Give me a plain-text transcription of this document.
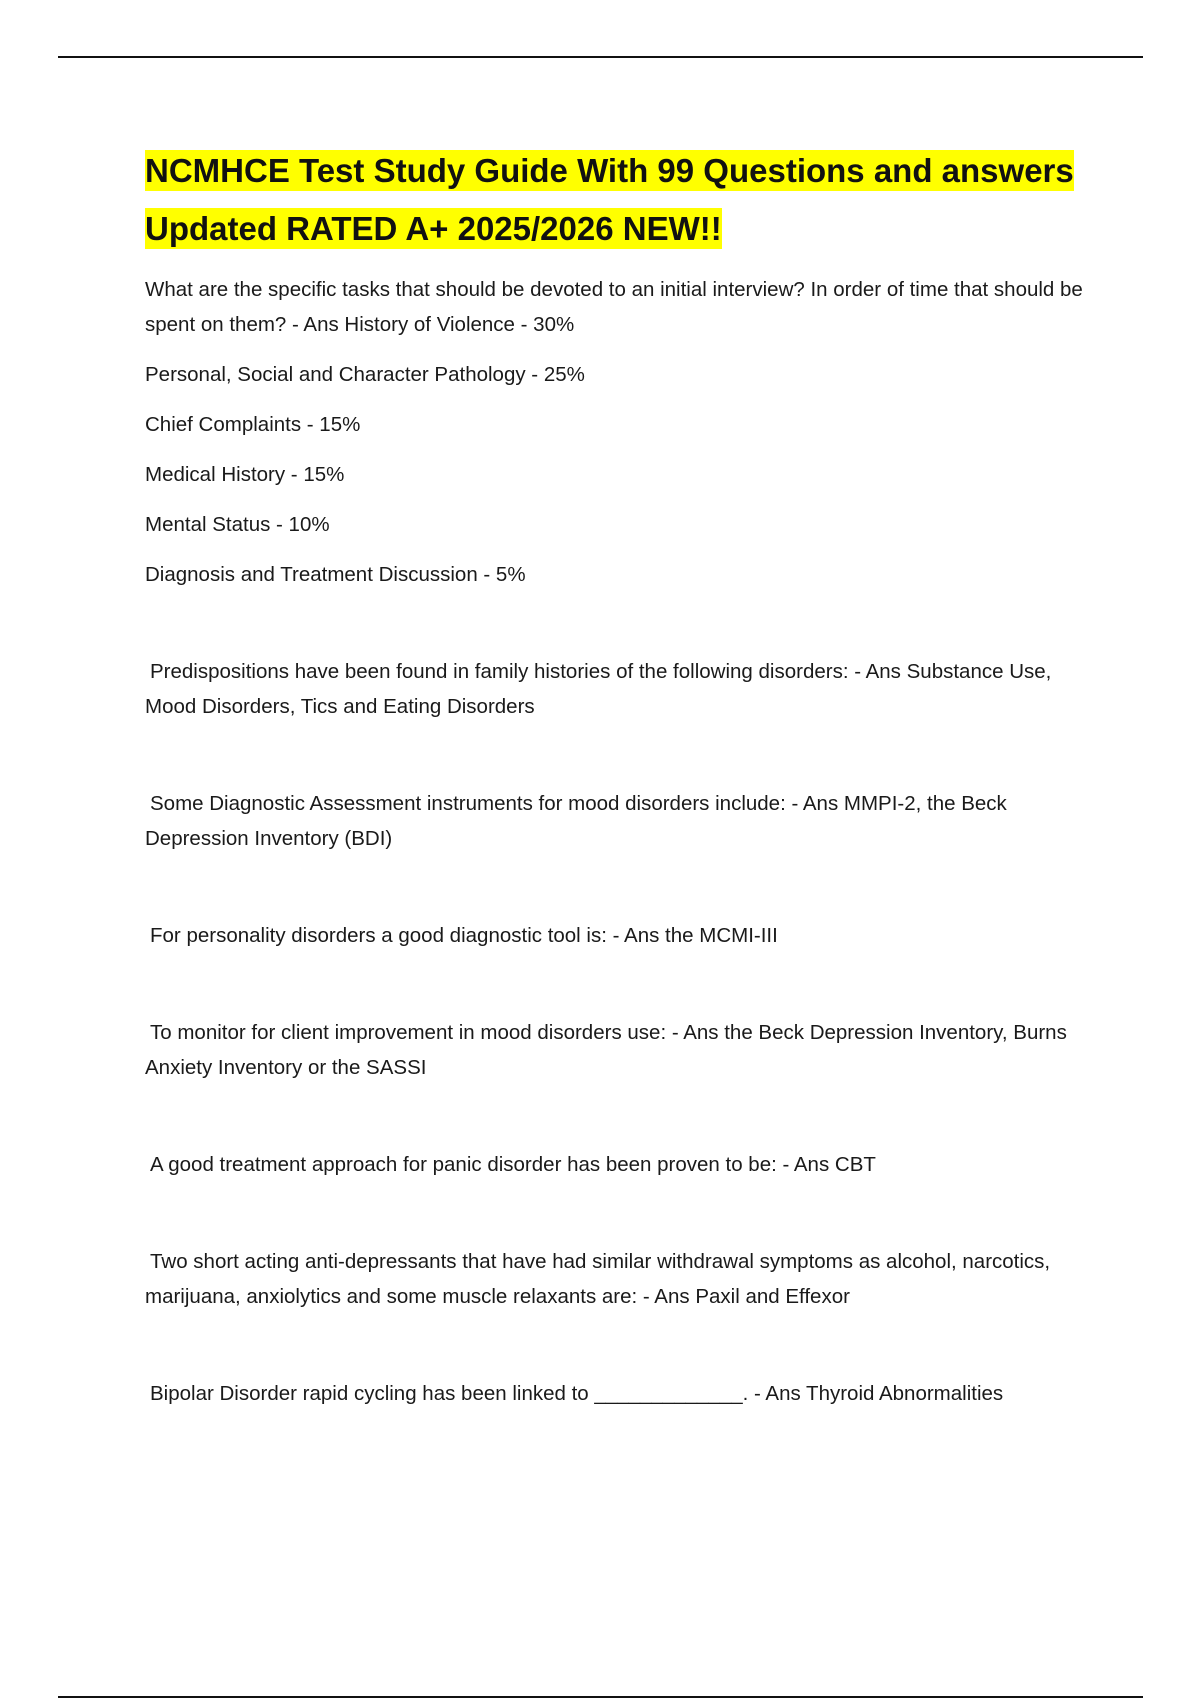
NCMHCE Test Study Guide With 99 Questions and answers Updated RATED A+ 2025/2026 NEW!!

What are the specific tasks that should be devoted to an initial interview? In order of time that should be spent on them? - Ans History of Violence - 30%

Personal, Social and Character Pathology - 25%

Chief Complaints - 15%

Medical History - 15%

Mental Status - 10%

Diagnosis and Treatment Discussion - 5%

Predispositions have been found in family histories of the following disorders: - Ans Substance Use, Mood Disorders, Tics and Eating Disorders

Some Diagnostic Assessment instruments for mood disorders include: - Ans MMPI-2, the Beck Depression Inventory (BDI)

For personality disorders a good diagnostic tool is: - Ans the MCMI-III

To monitor for client improvement in mood disorders use: - Ans the Beck Depression Inventory, Burns Anxiety Inventory or the SASSI

A good treatment approach for panic disorder has been proven to be: - Ans CBT

Two short acting anti-depressants that have had similar withdrawal symptoms as alcohol, narcotics, marijuana, anxiolytics and some muscle relaxants are: - Ans Paxil and Effexor

Bipolar Disorder rapid cycling has been linked to _____________. - Ans Thyroid Abnormalities
